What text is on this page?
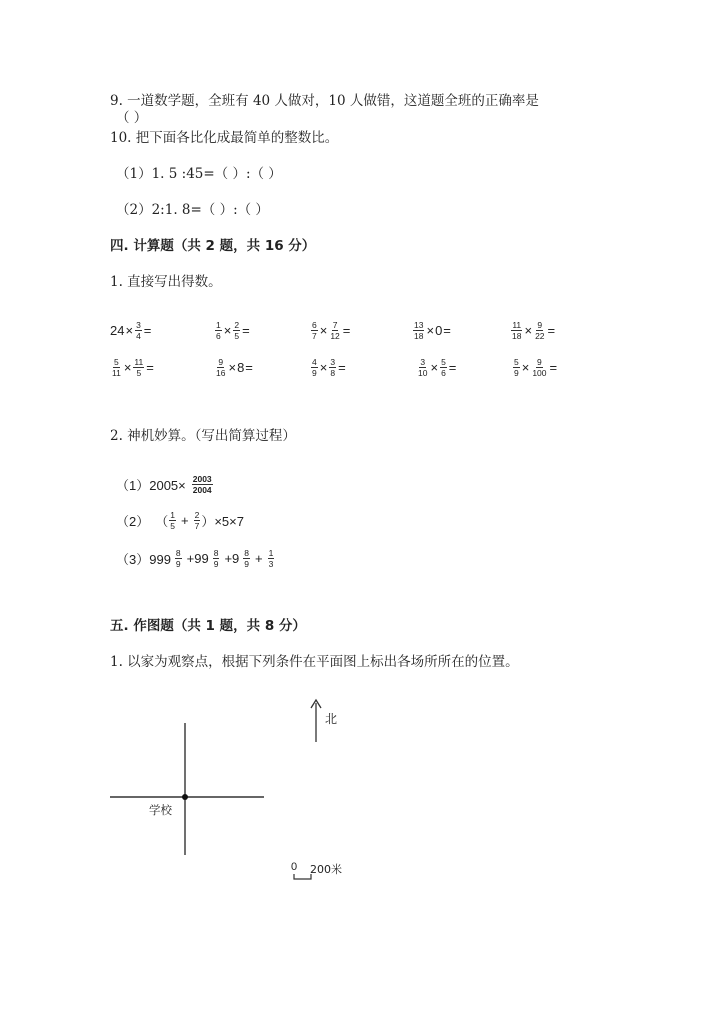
9. 一道数学题，全班有 40 人做对，10 人做错，这道题全班的正确率是
（ ）
10. 把下面各比化成最简单的整数比。
（1）1. 5 :45=（ ）:（ ）
（2）2:1. 8=（ ）:（ ）
四. 计算题（共 2 题，共 16 分）
1. 直接写出得数。
$24 \times \frac{3}{4}$ =	$\frac{1}{6} \times \frac{2}{5}$ =	$\frac{6}{7} \times \frac{7}{12}$ =	$\frac{13}{18} \times 0$ =	$\frac{11}{18} \times \frac{9}{22}$ =
$\frac{5}{11} \times \frac{11}{5}$ =	$\frac{9}{16} \times 8$ =	$\frac{4}{9} \times \frac{3}{8}$ =	$\frac{3}{10} \times \frac{5}{6}$ =	$\frac{5}{9} \times \frac{9}{100}$ =
2. 神机妙算。（写出简算过程）
$(1)2005\times \frac{2003}{2004}$
（2） （ $\frac{1}{5} + \frac{2}{7} )\times 5\times 7$
$(3)999 \frac{8}{9} +99 \frac{8}{9} +9 \frac{8}{9} + \frac{1}{3}$
五. 作图题（共 1 题，共 8 分）
1. 以家为观察点，根据下列条件在平面图上标出各场所所在的位置。
北
学校
0 200米
